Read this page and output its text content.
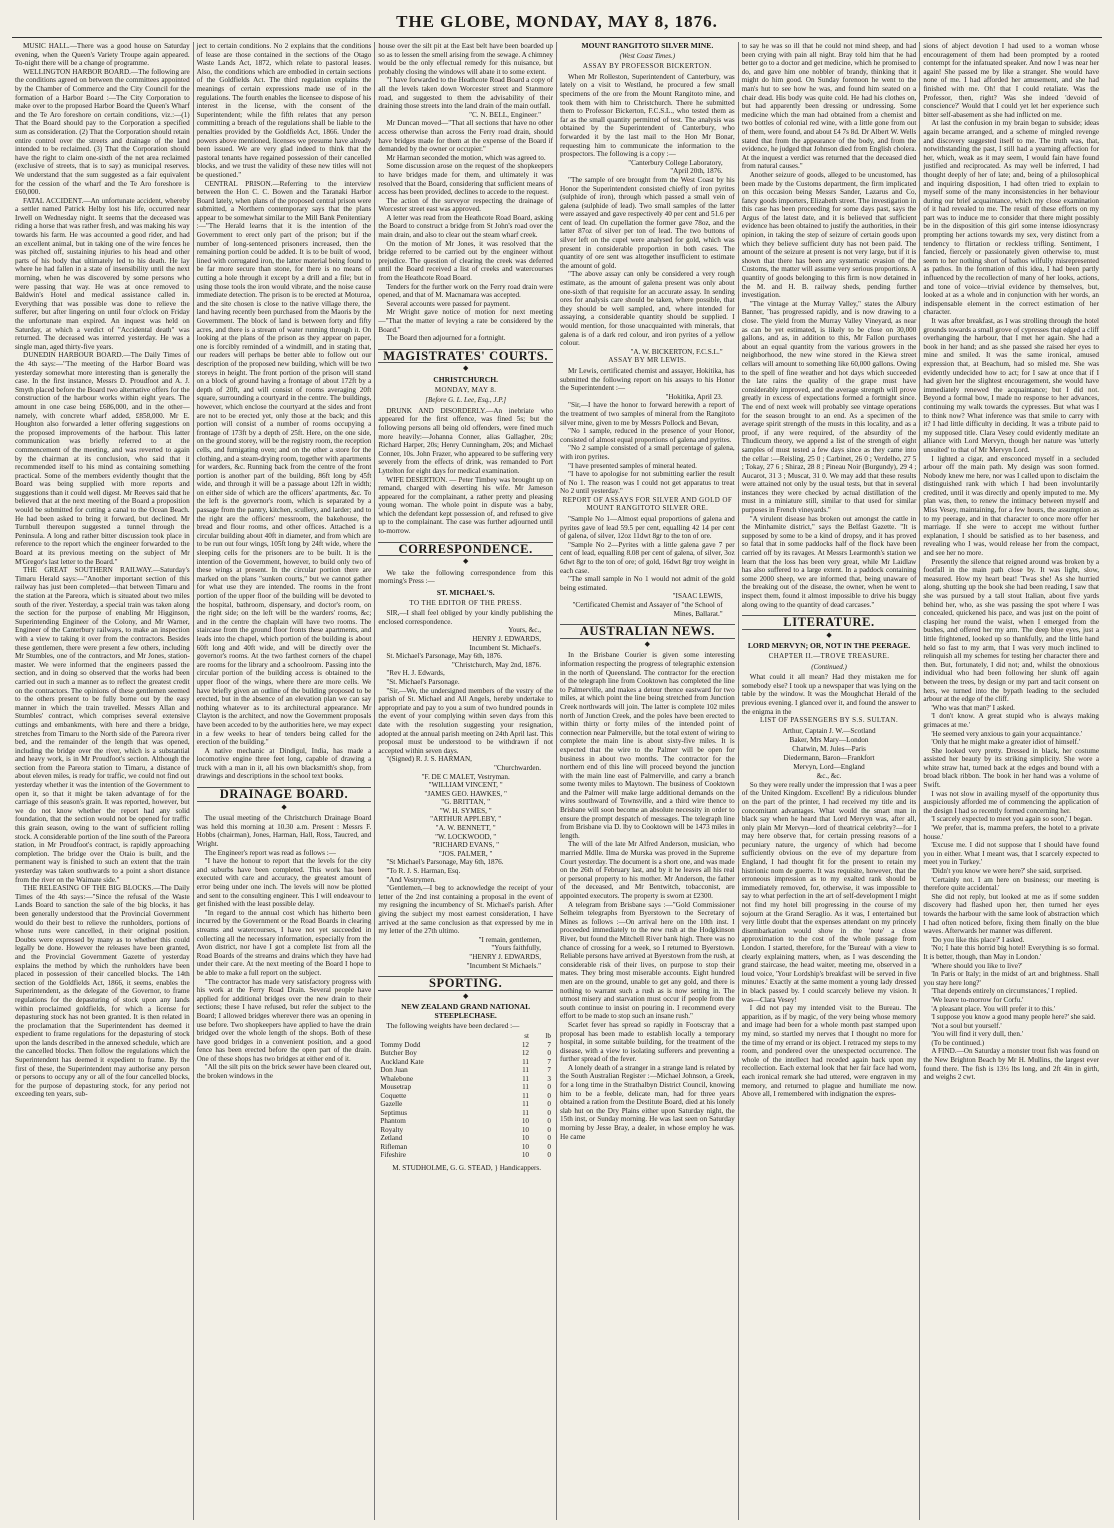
THE GLOBE, MONDAY, MAY 8, 1876.

MUSIC HALL.—There was a good house on Saturday evening, when the Queen's Variety Troupe again appeared. To-night there will be a change of programme.

WELLINGTON HARBOR BOARD.—The following are the conditions agreed on between the committees appointed by the Chamber of Commerce and the City Council for the formation of a Harbor Board :—The City Corporation to make over to the proposed Harbor Board the Queen's Wharf and the Te Aro foreshore on certain conditions, viz.:—(1) That the Board should pay to the Corporation a specified sum as consideration. (2) That the Corporation should retain entire control over the streets and drainage of the land intended to be reclaimed. (3) That the Corporation should have the right to claim one-sixth of the net area reclaimed (exclusive of streets, that is to say) as municipal reserves. We understand that the sum suggested as a fair equivalent for the cession of the wharf and the Te Aro foreshore is £60,000.

FATAL ACCIDENT.—An unfortunate accident, whereby a settler named Patrick Helby lost his life, occurred near Irwell on Wednesday night. It seems that the deceased was riding a horse that was rather fresh, and was making his way towards his farm. He was accounted a good rider, and had an excellent animal, but in taking one of the wire fences he was pitched off, sustaining injuries to his head and other parts of his body that ultimately led to his death. He lay where he had fallen in a state of insensibility until the next morning, when he was discovered by some persons who were passing that way. He was at once removed to Baldwin's Hotel and medical assistance called in. Everything that was possible was done to relieve the sufferer, but after lingering on until four o'clock on Friday the unfortunate man expired. An inquest was held on Saturday, at which a verdict of "Accidental death" was returned. The deceased was interred yesterday. He was a single man, aged thirty-five years.

DUNEDIN HARBOUR BOARD.—The Daily Times of the 4th says:—"The meeting of the Harbor Board was yesterday somewhat more interesting than is generally the case. In the first instance, Messrs D. Proudfoot and A. J. Smyth placed before the Board two alternative offers for the construction of the harbour works within eight years. The amount in one case being £686,000, and in the other—namely, with concrete wharf added, £858,000. Mr E. Houghton also forwarded a letter offering suggestions on the proposed improvements of the harbour. This latter communication was briefly referred to at the commencement of the meeting, and was reverted to again by the chairman at its conclusion, who said that it recommended itself to his mind as containing something practical. Some of the members evidently thought that the Board was being supplied with more reports and suggestions than it could well digest. Mr Reeves said that he believed that at the next meeting of the Board a proposition would be submitted for cutting a canal to the Ocean Beach. He had been asked to bring it forward, but declined. Mr Turnbull thereupon suggested a tunnel through the Peninsula. A long and rather bitter discussion took place in reference to the report which the engineer forwarded to the Board at its previous meeting on the subject of Mr M'Gregor's last letter to the Board."

THE GREAT SOUTHERN RAILWAY.—Saturday's Timaru Herald says:—"Another important section of this railway has just been completed—that between Timaru and the station at the Pareora, which is situated about two miles south of the river. Yesterday, a special train was taken along the section for the purpose of enabling Mr Higginson, Superintending Engineer of the Colony, and Mr Warner, Engineer of the Canterbury railways, to make an inspection with a view to taking it over from the contractors. Besides these gentlemen, there were present a few others, including Mr Stumbles, one of the contractors, and Mr Jones, station-master. We were informed that the engineers passed the section, and in doing so observed that the works had been carried out in such a manner as to reflect the greatest credit on the contractors. The opinions of these gentlemen seemed to the others present to be fully borne out by the easy manner in which the train travelled. Messrs Allan and Stumbles' contract, which comprises several extensive cuttings and embankments, with here and there a bridge, stretches from Timaru to the North side of the Pareora river bed, and the remainder of the length that was opened, including the bridge over the river, which is a substantial and heavy work, is in Mr Proudfoot's section. Although the section from the Pareora station to Timaru, a distance of about eleven miles, is ready for traffic, we could not find out yesterday whether it was the intention of the Government to open it, so that it might be taken advantage of for the carriage of this season's grain. It was reported, however, but we do not know whether the report had any solid foundation, that the section would not be opened for traffic this grain season, owing to the want of sufficient rolling stock. A considerable portion of the line south of the Pareora station, in Mr Proudfoot's contract, is rapidly approaching completion. The bridge over the Otaio is built, and the permanent way is finished to such an extent that the train yesterday was taken southwards to a point a short distance from the river on the Waimate side."

THE RELEASING OF THE BIG BLOCKS.—The Daily Times of the 4th says:—"Since the refusal of the Waste Lands Board to sanction the sale of the big blocks, it has been generally understood that the Provincial Government would do their best to relieve the runholders, portions of whose runs were cancelled, in their original position. Doubts were expressed by many as to whether this could legally be done. However the releases have been granted, and the Provincial Government Gazette of yesterday explains the method by which the runholders have been placed in possession of their cancelled blocks. The 14th section of the Goldfields Act, 1866, it seems, enables the Superintendent, as the delegate of the Governor, to frame regulations for the depasturing of stock upon any lands within proclaimed goldfields, for which a license for depasturing stock has not been granted. It is then related in the proclamation that the Superintendent has deemed it expedient to frame regulations for the depasturing of stock upon the lands described in the annexed schedule, which are the cancelled blocks. Then follow the regulations which the Superintendent has deemed it expedient to frame. By the first of these, the Superintendent may authorise any person or persons to occupy any or all of the four cancelled blocks, for the purpose of depasturing stock, for any period not exceeding ten years, sub-

ject to certain conditions. No 2 explains that the conditions of lease are those contained in the sections of the Otago Waste Lands Act, 1872, which relate to pastoral leases. Also, the conditions which are embodied in certain sections of the Goldfields Act. The third regulation explains the meanings of certain expressions made use of in the regulations. The fourth enables the licensee to dispose of his interest in the license, with the consent of the Superintendent; while the fifth relates that any person committing a breach of the regulations shall be liable to the penalties provided by the Goldfields Act, 1866. Under the powers above mentioned, licenses we presume have already been issued. We are very glad indeed to think that the pastoral tenants have regained possession of their cancelled blocks, and we trust the validity of these new titles will not be questioned."

CENTRAL PRISON.—Referring to the interview between the Hon C. C. Bowen and the Taranaki Harbor Board lately, when plans of the proposed central prison were submitted, a Northern contemporary says that the plans appear to be somewhat similar to the Mill Bank Penitentiary :—"The Herald learns that it is the intention of the Government to erect only part of the prison; but if the number of long-sentenced prisoners increased, then the remaining portion could be added. It is to be built of wood, lined with corrugated iron, the latter material being found to be far more secure than stone, for there is no means of cutting a hole through it except by a drill and a file; but in using those tools the iron would vibrate, and the noise cause immediate detection. The prison is to be erected at Moturoa, and the site chosen is close to the native village there, the land having recently been purchased from the Maoris by the Government. The block of land is between forty and fifty acres, and there is a stream of water running through it. On looking at the plans of the prison as they appear on paper, one is forcibly reminded of a windmill, and in stating that, our readers will perhaps be better able to follow out our description of the proposed new building, which will be two storeys in height. The front portion of the prison will stand on a block of ground having a frontage of about 172ft by a depth of 20ft, and will consist of rooms averaging 20ft square, surrounding a courtyard in the centre. The buildings, however, which enclose the courtyard at the sides and front are not to be erected yet, only those at the back; and this portion will consist of a number of rooms occupying a frontage of 173ft by a depth of 25ft. Here, on the one side, on the ground storey, will be the registry room, the reception cells, and fumigating oven; and on the other a store for the clothing, and a steam-drying room, together with apartments for warders, &c. Running back from the centre of the front portion is another part of the building, 86ft long by 45ft wide, and through it will be a passage about 12ft in width; on either side of which are the officers' apartments, &c. To the left is the governor's room, which is separated by a passage from the pantry, kitchen, scullery, and larder; and to the right are the officers' messroom, the bakehouse, the bread and flour rooms, and other offices. Attached is a circular building about 40ft in diameter, and from which are to be run out four wings, 105ft long by 24ft wide, where the sleeping cells for the prisoners are to be built. It is the intention of the Government, however, to build only two of these wings at present. In the circular portion there are marked on the plans "sunken courts," but we cannot gather for what use they are intended. The rooms in the front portion of the upper floor of the building will be devoted to the hospital, bathroom, dispensary, and doctor's room, on the right side; on the left will be the warders' rooms, &c; and in the centre the chaplain will have two rooms. The staircase from the ground floor fronts these apartments, and leads into the chapel, which portion of the building is about 60ft long and 40ft wide, and will be directly over the governor's rooms. At the two farthest corners of the chapel are rooms for the library and a schoolroom. Passing into the circular portion of the building access is obtained to the upper floor of the wings, where there are more cells. We have briefly given an outline of the building proposed to be erected, but in the absence of an elevation plan we can say nothing whatever as to its architectural appearance. Mr Clayton is the architect, and now the Government proposals have been acceded to by the authorities here, we may expect in a few weeks to hear of tenders being called for the erection of the building."

A native mechanic at Dindigul, India, has made a locomotive engine three feet long, capable of drawing a truck with a man in it, all his own blacksmith's shop, from drawings and descriptions in the school text books.

DRAINAGE BOARD.
◆

The usual meeting of the Christchurch Drainage Board was held this morning at 10.30 a.m. Present : Messrs F. Hobbs (chairman), Jones, Harman, Hall, Ross, Taucred, and Wright.

The Engineer's report was read as follows :—

"I have the honour to report that the levels for the city and suburbs have been completed. This work has been executed with care and accuracy, the greatest amount of error being under one inch. The levels will now be plotted and sent to the consulting engineer. This I will endeavour to get finished with the least possible delay.

"In regard to the annual cost which has hitherto been incurred by the Government or the Road Boards in clearing streams and watercourses, I have not yet succeeded in collecting all the necessary information, especially from the Avon district, nor have I got a complete list from all the Road Boards of the streams and drains which they have had under their care. At the next meeting of the Board I hope to be able to make a full report on the subject.

"The contractor has made very satisfactory progress with his work at the Ferry Road Drain. Several people have applied for additional bridges over the new drain to their sections; these I have refused, but refer the subject to the Board; I allowed bridges wherever there was an opening in use before. Two shopkeepers have applied to have the drain bridged over the whole length of the shops. Both of these have good bridges in a convenient position, and a good fence has been erected before the open part of the drain. One of these shops has two bridges at either end of it.

"All the silt pits on the brick sewer have been cleared out, the broken windows in the

house over the silt pit at the East belt have been boarded up so as to lessen the smell arising from the sewage. A chimney would be the only effectual remedy for this nuisance, but probably closing the windows will abate it to some extent.

"I have forwarded to the Heathcote Road Board a copy of all the levels taken down Worcester street and Stanmore road, and suggested to them the advisability of their draining those streets into the land drain of the main outfall.

"C. N. BELL, Engineer."

Mr Duncan moved—"That all sections that have no other access otherwise than across the Ferry road drain, should have bridges made for them at the expense of the Board if demanded by the owner or occupier."

Mr Harman seconded the motion, which was agreed to.

Some discussion arose on the request of the shopkeepers to have bridges made for them, and ultimately it was resolved that the Board, considering that sufficient means of access has been provided, declines to accede to the request.

The action of the surveyor respecting the drainage of Worcester street east was approved.

A letter was read from the Heathcote Road Board, asking the Board to construct a bridge from St John's road over the main drain, and also to clear out the steam wharf creek.

On the motion of Mr Jones, it was resolved that the bridge referred to be carried out by the engineer without prejudice. The question of clearing the creek was deferred until the Board received a list of creeks and watercourses from the Heathcote Road Board.

Tenders for the further work on the Ferry road drain were opened, and that of M. Macnamara was accepted.

Several accounts were passed for payment.

Mr Wright gave notice of motion for next meeting—"That the matter of levying a rate be considered by the Board."

The Board then adjourned for a fortnight.

MAGISTRATES' COURTS.
◆
CHRISTCHURCH.
MONDAY, MAY 8.
[Before G. L. Lee, Esq., J.P.]

DRUNK AND DISORDERLY.—An inebriate who appeared for the first offence, was fined 5s; but the following persons all being old offenders, were fined much more heavily:—Johanna Conner, alias Gallagher, 20s; Richard Harper, 20s; Henry Cunningham, 20s; and Michael Conner, 10s. John Frazer, who appeared to be suffering very severely from the effects of drink, was remanded to Port Lyttelton for eight days for medical examination.

WIFE DESERTION. — Peter Timbey was brought up on remand, charged with deserting his wife. Mr Jameson appeared for the complainant, a rather pretty and pleasing young woman. The whole point in dispute was a baby, which the defendant kept possession of, and refused to give up to the complainant. The case was further adjourned until to-morrow.

CORRESPONDENCE.
◆

We take the following correspondence from this morning's Press :—

ST. MICHAEL'S.
TO THE EDITOR OF THE PRESS.

SIR,—I shall feel obliged by your kindly publishing the enclosed correspondence.

Yours, &c.,

HENRY J. EDWARDS,

Incumbent St. Michael's.

St. Michael's Parsonage, May 6th, 1876.

"Christchurch, May 2nd, 1876.

"Rev H. J. Edwards,

"St. Michael's Parsonage.

"Sir,—We, the undersigned members of the vestry of the parish of St. Michael and All Angels, hereby undertake to appropriate and pay to you a sum of two hundred pounds in the event of your complying within seven days from this date with the resolution suggesting your resignation, adopted at the annual parish meeting on 24th April last. This proposal must be understood to be withdrawn if not accepted within seven days.

"(Signed) R. J. S. HARMAN,

"Churchwarden.

"F. DE C MALET, Vestryman.
"WILLIAM VINCENT, "
"JAMES GEO. HAWKES, "
"G. BRITTAN, "
"W. H. SYMES, "
"ARTHUR APPLEBY, "
"A. W. BENNETT, "
"W. LOCKWOOD, "
"RICHARD EVANS, "
"JOS. PALMER, "

"St Michael's Parsonage, May 6th, 1876.

"To R. J. S. Harman, Esq.

"And Vestrymen.

"Gentlemen,—I beg to acknowledge the receipt of your letter of the 2nd inst containing a proposal in the event of my resigning the incumbency of St. Michael's parish. After giving the subject my most earnest consideration, I have arrived at the same conclusion as that expressed by me in my letter of the 27th ultimo.

"I remain, gentlemen,

"Yours faithfully,

"HENRY J. EDWARDS,

"Incumbent St Michaels."

SPORTING.
◆
NEW ZEALAND GRAND NATIONAL STEEPLECHASE.

The following weights have been declared :—

	st	lb
Tommy Dodd	12	7
Butcher Boy	12	0
Auckland Kate	11	7
Don Juan	11	7
Whalebone	11	3
Mousetrap	11	0
Coquette	11	0
Gazelle	11	0
Septimus	11	0
Phantom	10	0
Royalty	10	0
Zetland	10	0
Rifleman	10	0
Fifeshire	10	0

M. STUDHOLME, G. G. STEAD, } Handicappers.

MOUNT RANGITOTO SILVER MINE.
(West Coast Times.)
ASSAY BY PROFESSOR BICKERTON.

When Mr Rolleston, Superintendent of Canterbury, was lately on a visit to Westland, he procured a few small specimens of the ore from the Mount Rangitoto mine, and took them with him to Christchurch. There he submitted them to Professor Bickerton, F.C.S.L., who tested them as far as the small quantity permitted of test. The analysis was obtained by the Superintendent of Canterbury, who forwarded it by the last mail to the Hon Mr Bonar, requesting him to communicate the information to the prospectors. The following is a copy :—

"Canterbury College Laboratory,

"April 20th, 1876.

"The sample of ore brought from the West Coast by his Honor the Superintendent consisted chiefly of iron pyrites (sulphide of iron), through which passed a small vein of galena (sulphide of lead). Two small samples of the latter were assayed and gave respectively 40 per cent and 51.6 per cent of lead. On cupellation the former gave 78oz, and the latter 87oz of silver per ton of lead. The two buttons of silver left on the cupel were analysed for gold, which was present in considerable proportion in both cases. The quantity of ore sent was altogether insufficient to estimate the amount of gold.

"The above assay can only be considered a very rough estimate, as the amount of galena present was only about one-sixth of that requisite for an accurate assay. In sending ores for analysis care should be taken, where possible, that they should be well sampled, and, where intended for assaying, a considerable quantity should be supplied. I would mention, for those unacquainted with minerals, that galena is of a dark red colour, and iron pyrites of a yellow colour.

"A. W. BICKERTON, F.C.S.L."

ASSAY BY MR LEWIS.

Mr Lewis, certificated chemist and assayer, Hokitika, has submitted the following report on his assays to his Honor the Superintendent :—

"Hokitika, April 23.

"Sir,—I have the honor to forward herewith a report of the treatment of two samples of mineral from the Rangitoto silver mine, given to me by Messrs Pollock and Bevan,

"No 1 sample, reduced in the presence of your Honor, consisted of almost equal proportions of galena and pyrites.

"No 2 sample consisted of a small percentage of galena, with iron pyrites.

"I have presented samples of mineral heated.

"I have to apologise for not submitting earlier the result of No 1. The reason was I could not get apparatus to treat No 2 until yesterday."

REPORT OF ASSAYS FOR SILVER AND GOLD OF MOUNT RANGITOTO SILVER ORE.

"Sample No 1—Almost equal proportions of galena and pyrites gave of lead 59.5 per cent, equalling 42 14 per cent of galena, of silver, 12oz 11dwt 8gr to the ton of ore.

"Sample No 2—Pyrites with a little galena gave 7 per cent of lead, equalling 8.08 per cent of galena, of silver, 3oz 6dwt 8gr to the ton of ore; of gold, 16dwt 8gr troy weight in each case.

"The small sample in No 1 would not admit of the gold being estimated.

"ISAAC LEWIS,

"Certificated Chemist and Assayer of "the School of Mines, Ballarat."

AUSTRALIAN NEWS.
◆

In the Brisbane Courier is given some interesting information respecting the progress of telegraphic extension in the north of Queensland. The contractor for the erection of the telegraph line from Cooktown has completed the line to Palmerville, and makes a detour thence eastward for two miles, at which point the line being stretched from Junction Creek northwards will join. The latter is complete 102 miles north of Junction Creek, and the poles have been erected to within thirty or forty miles of the intended point of connection near Palmerville, but the total extent of wiring to complete the main line is about sixty-five miles. It is expected that the wire to the Palmer will be open for business in about two months. The contractor for the northern end of this line will proceed beyond the junction with the main line east of Palmerville, and carry a branch some twenty miles to Maytown. The business of Cooktown and the Palmer will make large additional demands on the wires southward of Townsville, and a third wire thence to Brisbane will soon become an absolute necessity in order to ensure the prompt despatch of messages. The telegraph line from Brisbane via D. lby to Cooktown will be 1473 miles in length.

The will of the late Mr Alfred Anderson, musician, who married Mdlle. Ilma de Murska was proved in the Supreme Court yesterday. The document is a short one, and was made on the 26th of February last, and by it he leaves all his real or personal property to his mother. Mr Anderson, the father of the deceased, and Mr Bentwitch, tobacconist, are appointed executors. The property is sworn at £2300.

A telegram from Brisbane says :—"Gold Commissioner Selheim telegraphs from Byerstown to the Secretary of Mines as follows :—On arrival here on the 10th inst. I proceeded immediately to the new rush at the Hodgkinson River, but found the Mitchell River bank high. There was no chance of crossing for a week, so I returned to Byerstown. Reliable persons have arrived at Byerstown from the rush, at considerable risk of their lives, on purpose to stop their mates. They bring most miserable accounts. Eight hundred men are on the ground, unable to get any gold, and there is nothing to warrant such a rush as is now setting in. The utmost misery and starvation must occur if people from the south continue to insist on pouring in. I recommend every effort to be made to stop such an insane rush."

Scarlet fever has spread so rapidly in Footscray that a proposal has been made to establish locally a temporary hospital, in some suitable building, for the treatment of the disease, with a view to isolating sufferers and preventing a further spread of the fever.

A lonely death of a stranger in a strange land is related by the South Australian Register :—Michael Johnson, a Greek, for a long time in the Strathalbyn District Council, knowing him to be a feeble, delicate man, had for three years obtained a ration from the Destitute Board, died at his lonely slab hut on the Dry Plains either upon Saturday night, the 15th inst, or Sunday morning. He was last seen on Saturday morning by Jesse Bray, a dealer, in whose employ he was. He came

to say he was so ill that he could not mind sheep, and had been crying with pain all night. Bray told him that he had better go to a doctor and get medicine, which he promised to do, and gave him one nobbler of brandy, thinking that it might do him good. On Sunday forenoon he went to the man's hut to see how he was, and found him seated on a chair dead. His body was quite cold. He had his clothes on, but had apparently been dressing or undressing. Some medicine which the man had obtained from a chemist and two bottles of colonial red wine, with a little gone from out of them, were found, and about £4 7s 8d. Dr Albert W. Wells stated that from the appearance of the body, and from the evidence, he judged that Johnson died from English cholera. At the inquest a verdict was returned that the deceased died from natural causes."

Another seizure of goods, alleged to be uncustomed, has been made by the Customs department, the firm implicated on this occasion being Messrs Sander, Lazarus and Co, fancy goods importers, Elizabeth street. The investigation in this case has been proceeding for some days past, says the Argus of the latest date, and it is believed that sufficient evidence has been obtained to justify the authorities, in their opinion, in taking the step of seizure of certain goods upon which they believe sufficient duty has not been paid. The amount of the seizure at present is not very large, but if it is shown that there has been any systematic evasion of the Customs, the matter will assume very serious proportions. A quantity of goods belonging to this firm is now detained in the M. and H. B. railway sheds, pending further investigation.

"The vintage at the Murray Valley," states the Albury Banner, "has progressed rapidly, and is now drawing to a close. The yield from the Murray Valley Vineyard, as near as can be yet estimated, is likely to be close on 30,000 gallons, and as, in addition to this, Mr Fallon purchases about an equal quantity from the various growers in the neighborhood, the new wine stored in the Kiewa street cellars will amount to something like 60,000 gallons. Owing to the spell of fine weather and hot days which succeeded the late rains the quality of the grape must have considerably improved, and the average strength will prove greatly in excess of expectations formed a fortnight since. The end of next week will probably see vintage operations for the season brought to an end. As a specimen of the average spirit strength of the musts in this locality, and as a proof, if any were required, of the absurdity of the Thudicum theory, we append a list of the strength of eight samples of must tested a few days since as they came into the cellar :—Reisling, 25 0 ; Carbinet, 26 0 ; Verdelho, 27 5 ; Tokay, 27 6 ; Shiraz, 28 8 ; Pineau Noir (Burgundy), 29 4 ; Aucarot, 31 3 ; Muscat, 31 0. We may add that these results were attained not only by the usual tests, but that in several instances they were checked by actual distillation of the must in a miniature still, similar to that used for similar purposes in French vineyards."

"A virulent disease has broken out amongst the cattle in the Minhamite district," says the Belfast Gazette. "It is supposed by some to be a kind of dropsy, and it has proved so fatal that in some paddocks half of the flock have been carried off by its ravages. At Messrs Learmonth's station we learn that the loss has been very great, while Mr Laidlaw has also suffered to a large extent. In a paddock containing some 2000 sheep, we are informed that, being unaware of the breaking out of the disease, the owner, when he went to inspect them, found it almost impossible to drive his buggy along owing to the quantity of dead carcases."

LITERATURE.
◆
LORD MERVYN; OR, NOT IN THE PEERAGE.
CHAPTER II.—TROVE TREASURE.
(Continued.)

What could it all mean? Had they mistaken me for somebody else? I took up a newspaper that was lying on the table by the window. It was the Moughchat Herald of the previous evening. I glanced over it, and found the answer to the enigma in the

LIST OF PASSENGERS BY S.S. SULTAN.
Arthur, Captain J. W.—Scotland
Baker, Mrs Mary—London
Chatwin, M. Jules—Paris
Diedermann, Baron—Frankfort
Mervyn, Lord—England
&c., &c.

So they were really under the impression that I was a peer of the United Kingdom. Excellent! By a ridiculous blunder on the part of the printer, I had received my title and its concomitant advantages. What would the smart man in black say when he heard that Lord Mervyn was, after all, only plain Mr Mervyn—lord of theatrical celebrity?—for I may here observe that, for certain pressing reasons of a pecuniary nature, the urgency of which had become sufficiently obvious on the eve of my departure from England, I had thought fit for the present to retain my histrionic nom de guerre. It was requisite, however, that the erroneous impression as to my exalted rank should be immediately removed, for, otherwise, it was impossible to say to what perfection in the art of self-development I might not find my hotel bill progressing in the course of my sojourn at the Grand Seraglio. As it was, I entertained but very little doubt that the expenses attendant on my princely disembarkation would show in the 'note' a close approximation to the cost of the whole passage from London. I started, therefore, for the 'Bureau' with a view to clearly explaining matters, when, as I was descending the grand staircase, the head waiter, meeting me, observed in a loud voice, 'Your Lordship's breakfast will be served in five minutes.' Exactly at the same moment a young lady dressed in black passed by. I could scarcely believe my vision. It was—Clara Vesey!

I did not pay my intended visit to the Bureau. The apparition, as if by magic, of the very being whose memory and image had been for a whole month past stamped upon my mind, so startled my nerves that I thought no more for the time of my errand or its object. I retraced my steps to my room, and pondered over the unexpected occurrence. The whole of the intellect had receded again back upon my recollection. Each external look that her fair face had worn, each ironical remark she had uttered, were engraven in my memory, and returned to plague and humiliate me now. Above all, I remembered with indignation the expres-

sions of abject devotion I had used to a woman whose encouragement of them had been prompted by a rooted contempt for the infatuated speaker. And now I was near her again! She passed me by like a stranger. She would have none of me. I had afforded her amusement, and she had finished with me. Oh! that I could retaliate. Was the Professor, then, right? Was she indeed 'devoid of conscience?' Would that I could yet let her experience such bitter self-abasement as she had inflicted on me.

At last the confusion in my brain began to subside; ideas again became arranged, and a scheme of mingled revenge and discovery suggested itself to me. The truth was, that, notwithstanding the past, I still had a yearning affection for her, which, weak as it may seem, I would fain have found justified and reciprocated. As may well be inferred, I had thought deeply of her of late; and, being of a philosophical and inquiring disposition, I had often tried to explain to myself some of the many inconsistencies in her behaviour during our brief acquaintance, which my close examination of it had revealed to me. The result of these efforts on my part was to induce me to consider that there might possibly be in the disposition of this girl some intense idiosyncrasy prompting her actions towards my sex, very distinct from a tendency to flirtation or reckless trifling. Sentiment, I fancied, fiercely or passionately given otherwise to, must seem to her nothing short of bathos wilfully misrepresented as pathos. In the formation of this idea, I had been partly influenced by the recollection of many of her looks, actions, and tone of voice—trivial evidence by themselves, but, looked at as a whole and in conjunction with her words, an indispensable element in the correct estimation of her character.

It was after breakfast, as I was strolling through the hotel grounds towards a small grove of cypresses that edged a cliff overhanging the harbour, that I met her again. She had a book in her hand; and as she passed she raised her eyes to mine and smiled. It was the same ironical, amused expression that, at Beachum, had so misled me. She was evidently undecided how to act; for I saw at once that if I had given her the slightest encouragement, she would have immediately renewed the acquaintance; but I did not. Beyond a formal bow, I made no response to her advances, continuing my walk towards the cypresses. But what was I to think now? What inference was that smile to carry with it? I had little difficulty in deciding. It was a tribute paid to my supposed title. Clara Vesey could evidently meditate an alliance with Lord Mervyn, though her nature was 'utterly unsuited' to that of Mr Mervyn Lord.

I lighted a cigar, and ensconced myself in a secluded arbour off the main path. My design was soon formed. Nobody knew me here, nor was I called upon to disclaim the distinguished rank with which I had been involuntarily credited, until it was directly and openly imputed to me. My plan was, then, to renew the intimacy between myself and Miss Vesey, maintaining, for a few hours, the assumption as to my peerage, and in that character to once more offer her marriage. If she were to accept me without further explanation, I should be satisfied as to her baseness, and revealing who I was, would release her from the compact, and see her no more.

Presently the silence that reigned around was broken by a footfall in the main path close by. It was light, slow, measured. How my heart beat! 'Twas she! As she hurried along, shutting up the book she had been reading, I saw that she was pursued by a tall stout Italian, about five yards behind her, who, as she was passing the spot where I was concealed, quickened his pace, and was just on the point of clasping her round the waist, when I emerged from the bushes, and offered her my arm. The deep blue eyes, just a little frightened, looked up so thankfully, and the little hand held so fast to my arm, that I was very much inclined to relinquish all my schemes for testing her character there and then. But, fortunately, I did not; and, whilst the obnoxious individual who had been following her slunk off again between the trees, by design or my part and tacit consent on hers, we turned into the bypath leading to the secluded arbour at the edge of the cliff.

'Who was that man?' I asked.

'I don't know. A great stupid who is always making grimaces at me.'

'He seemed very anxious to gain your acquaintance.'

'Only that he might make a greater idiot of himself.'

She looked very pretty. Dressed in black, her costume assisted her beauty by its striking simplicity. She wore a white straw hat, turned back at the edges and bound with a broad black ribbon. The book in her hand was a volume of Swift.

I was not slow in availing myself of the opportunity thus auspiciously afforded me of commencing the application of the design I had so recently formed concerning her.

'I scarcely expected to meet you again so soon,' I began.

'We prefer, that is, mamma prefers, the hotel to a private house.'

'Excuse me. I did not suppose that I should have found you in either. What I meant was, that I scarcely expected to meet you in Turkey.'

'Didn't you know we were here?' she said, surprised.

'Certainly not. I am here on business; our meeting is therefore quite accidental.'

She did not reply, but looked at me as if some sudden discovery had flashed upon her, then turned her eyes towards the harbour with the same look of abstraction which I had often noticed before, fixing them finally on the blue waves. Afterwards her manner was different.

'Do you like this place?' I asked.

'No; I hate this horrid big hotel! Everything is so formal. It is better, though, than May in London.'

'Where should you like to live?'

'In Paris or Italy; in the midst of art and brightness. Shall you stay here long?'

'That depends entirely on circumstances,' I replied.

'We leave to-morrow for Corfu.'

'A pleasant place. You will prefer it to this.'

'I suppose you know a good many people here?' she said.

'Not a soul but yourself.'

'You will find it very dull, then.'

(To be continued.)

A FIND.—On Saturday a monster trout fish was found on the New Brighton Beach by Mr H. Mullins, the largest ever found there. The fish is 13½ lbs long, and 2ft 4in in girth, and weighs 2 cwt.
